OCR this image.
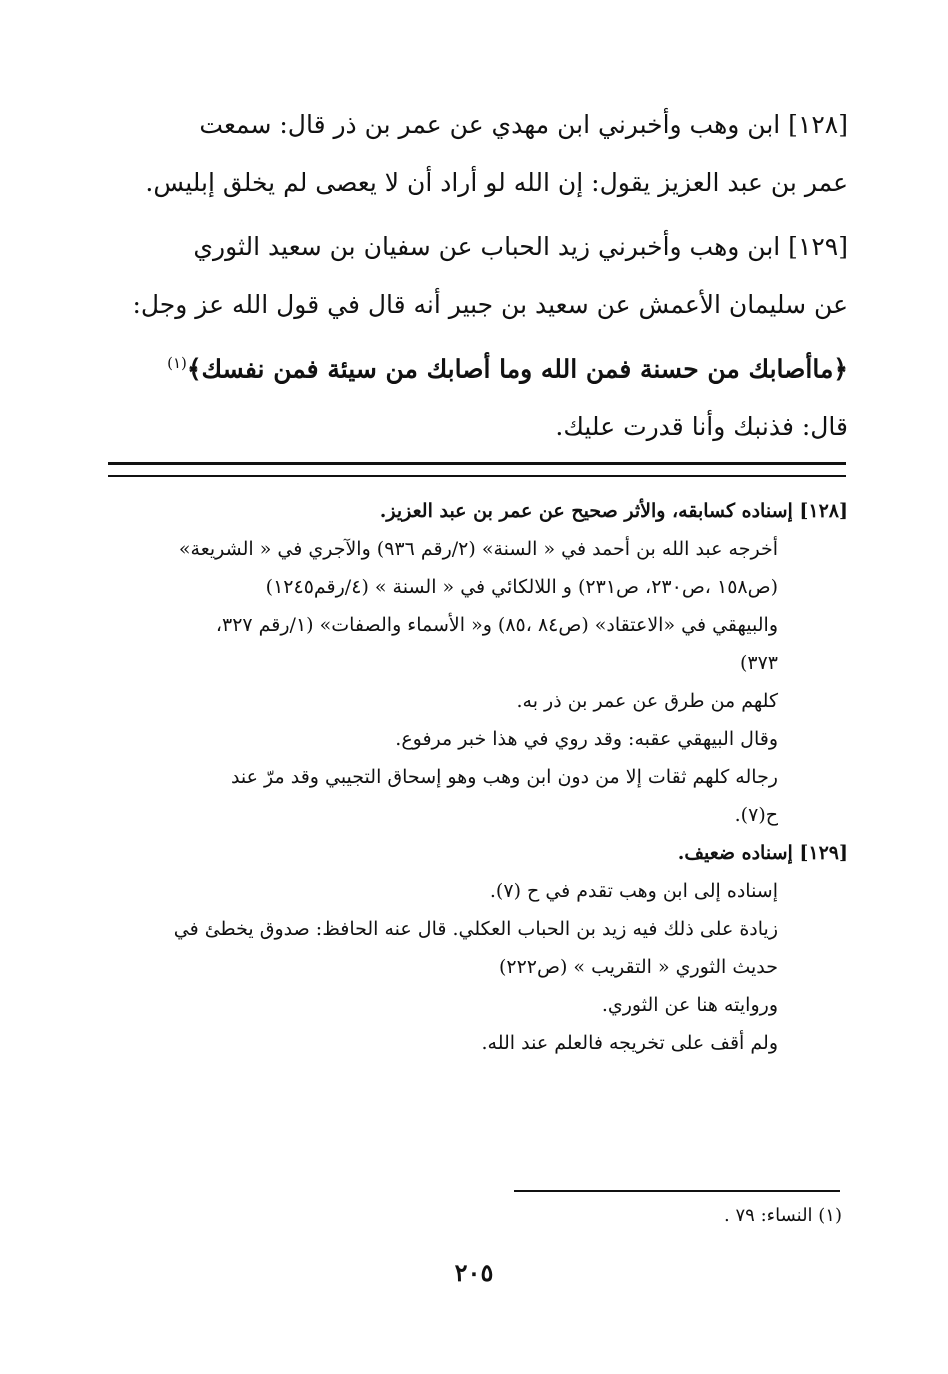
[١٢٨] ابن وهب وأخبرني ابن مهدي عن عمر بن ذر قال: سمعت

عمر بن عبد العزيز يقول: إن الله لو أراد أن لا يعصى لم يخلق إبليس.

[١٢٩] ابن وهب وأخبرني زيد الحباب عن سفيان بن سعيد الثوري

عن سليمان الأعمش عن سعيد بن جبير أنه قال في قول الله عز وجل:

﴿ماأصابك من حسنة فمن الله وما أصابك من سيئة فمن نفسك﴾$^{(١)}$

قال: فذنبك وأنا قدرت عليك.

[١٢٨] إسناده كسابقه، والأثر صحيح عن عمر بن عبد العزيز.

أخرجه عبد الله بن أحمد في « السنة» (٢/رقم ٩٣٦) والآجري في « الشريعة»

(ص١٥٨ ،ص٢٣٠، ص٢٣١) و اللالكائي في « السنة » (٤/رقم١٢٤٥)

والبيهقي في «الاعتقاد» (ص٨٤ ،٨٥) و« الأسماء والصفات» (١/رقم ٣٢٧،

٣٧٣)

كلهم من طرق عن عمر بن ذر به.

وقال البيهقي عقبه: وقد روي في هذا خبر مرفوع.

رجاله كلهم ثقات إلا من دون ابن وهب وهو إسحاق التجيبي وقد مرّ عند

ح(٧).

[١٢٩] إسناده ضعيف.

إسناده إلى ابن وهب تقدم في ح (٧).

زيادة على ذلك فيه زيد بن الحباب العكلي. قال عنه الحافظ: صدوق يخطئ في

حديث الثوري « التقريب » (ص٢٢٢)

وروايته هنا عن الثوري.

ولم أقف على تخريجه فالعلم عند الله.

(١) النساء: ٧٩ .
٢٠٥
